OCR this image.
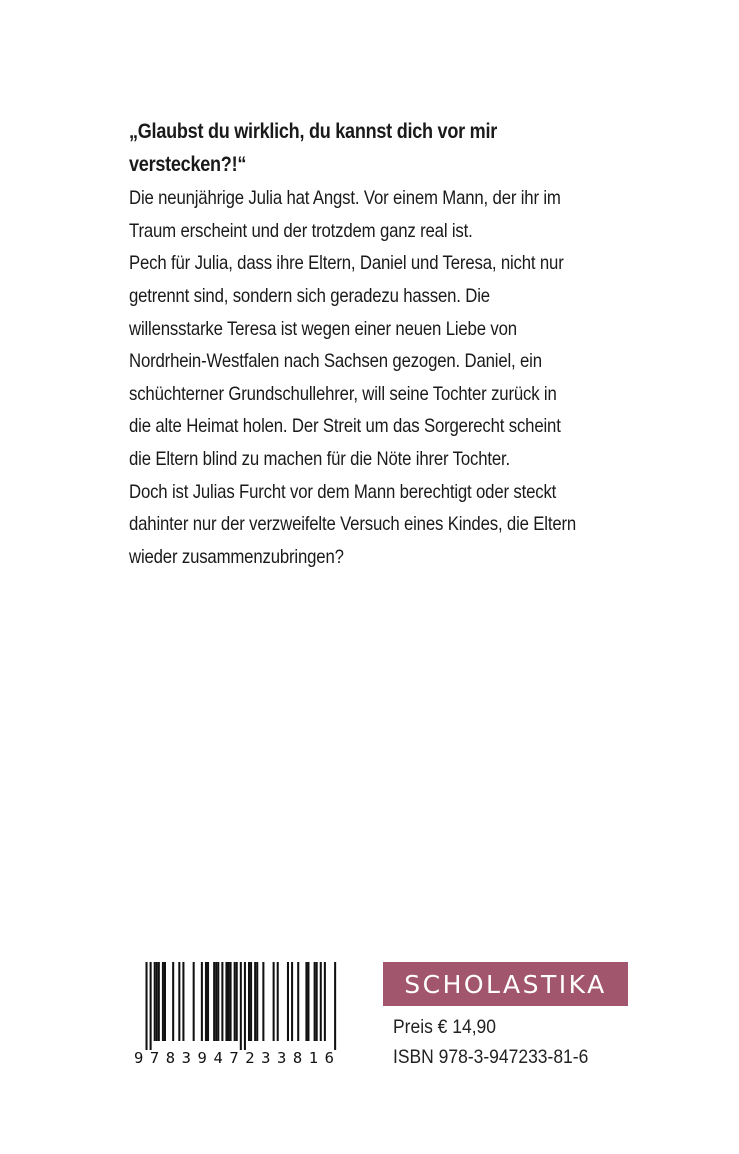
„Glaubst du wirklich, du kannst dich vor mir verstecken?!“

Die neunjährige Julia hat Angst. Vor einem Mann, der ihr im Traum erscheint und der trotzdem ganz real ist.

Pech für Julia, dass ihre Eltern, Daniel und Teresa, nicht nur getrennt sind, sondern sich geradezu hassen. Die willensstarke Teresa ist wegen einer neuen Liebe von Nordrhein-Westfalen nach Sachsen gezogen. Daniel, ein schüchterner Grundschullehrer, will seine Tochter zurück in die alte Heimat holen. Der Streit um das Sorgerecht scheint die Eltern blind zu machen für die Nöte ihrer Tochter.

Doch ist Julias Furcht vor dem Mann berechtigt oder steckt dahinter nur der verzweifelte Versuch eines Kindes, die Eltern wieder zusammenzubringen?

9783947233816
SCHOLASTIKA
Preis € 14,90
ISBN 978-3-947233-81-6
